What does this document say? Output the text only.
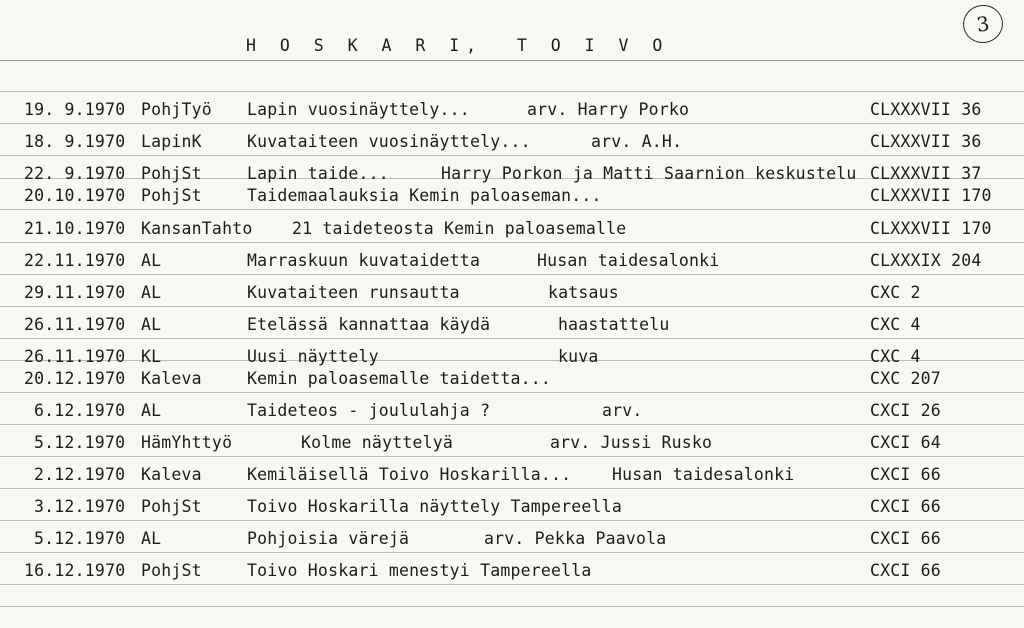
H O S K A R I,  T O I V O
3
19. 9.1970 PohjTyö Lapin vuosinäyttely...	arv. Harry Porko	CLXXXVII 36
18. 9.1970 LapinK	Kuvataiteen vuosinäyttely...	arv. A.H.	CLXXXVII 36
22. 9.1970 PohjSt	Lapin taide...	Harry Porkon ja Matti Saarnion keskustelu CLXXXVII 37
20.10.1970 PohjSt	Taidemaalauksia Kemin paloaseman...	CLXXXVII 170
21.10.1970 KansanTahto 21 taideteosta Kemin paloasemalle	CLXXXVII 170
22.11.1970 AL	Marraskuun kuvataidetta	Husan taidesalonki	CLXXXIX 204
29.11.1970 AL	Kuvataiteen runsautta	katsaus	CXC 2
26.11.1970 AL	Etelässä kannattaa käydä	haastattelu	CXC 4
26.11.1970 KL	Uusi näyttely	kuva	CXC 4
20.12.1970 Kaleva	Kemin paloasemalle taidetta...	CXC 207
6.12.1970 AL	Taideteos - joululahja ?	arv.	CXCI 26
5.12.1970 HämYhttyö	Kolme näyttelyä	arv. Jussi Rusko	CXCI 64
2.12.1970 Kaleva	Kemiläisellä Toivo Hoskarilla... Husan taidesalonki	CXCI 66
3.12.1970 PohjSt	Toivo Hoskarilla näyttely Tampereella	CXCI 66
5.12.1970 AL	Pohjoisia värejä	arv. Pekka Paavola	CXCI 66
16.12.1970 PohjSt	Toivo Hoskari menestyi Tampereella	CXCI 66
